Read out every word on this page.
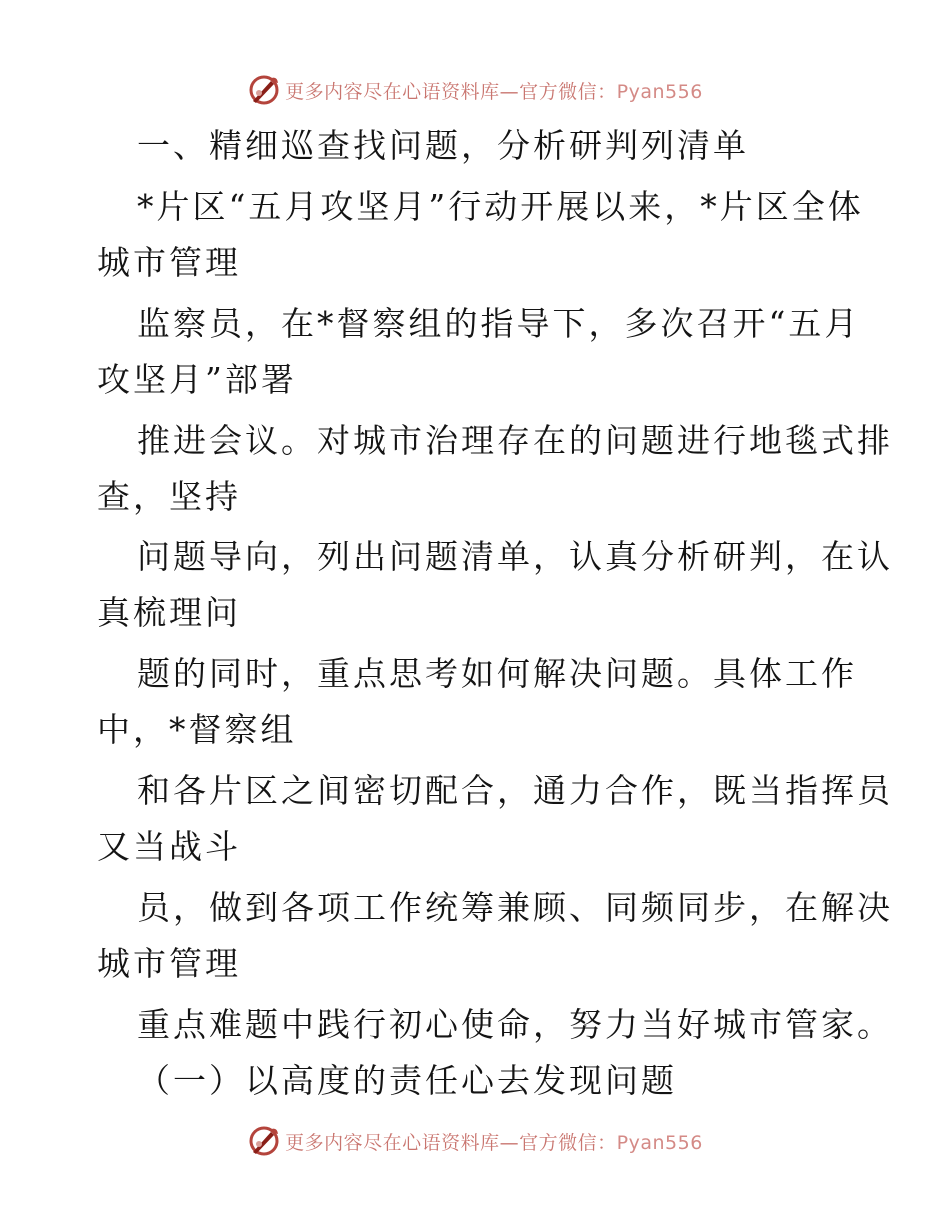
更多内容尽在心语资料库—官方微信：Pyan556
一、精细巡查找问题，分析研判列清单
*片区“五月攻坚月”行动开展以来，*片区全体
城市管理
监察员，在*督察组的指导下，多次召开“五月
攻坚月”部署
推进会议。对城市治理存在的问题进行地毯式排
查，坚持
问题导向，列出问题清单，认真分析研判，在认
真梳理问
题的同时，重点思考如何解决问题。具体工作
中，*督察组
和各片区之间密切配合，通力合作，既当指挥员
又当战斗
员，做到各项工作统筹兼顾、同频同步，在解决
城市管理
重点难题中践行初心使命，努力当好城市管家。
（一）以高度的责任心去发现问题
更多内容尽在心语资料库—官方微信：Pyan556
